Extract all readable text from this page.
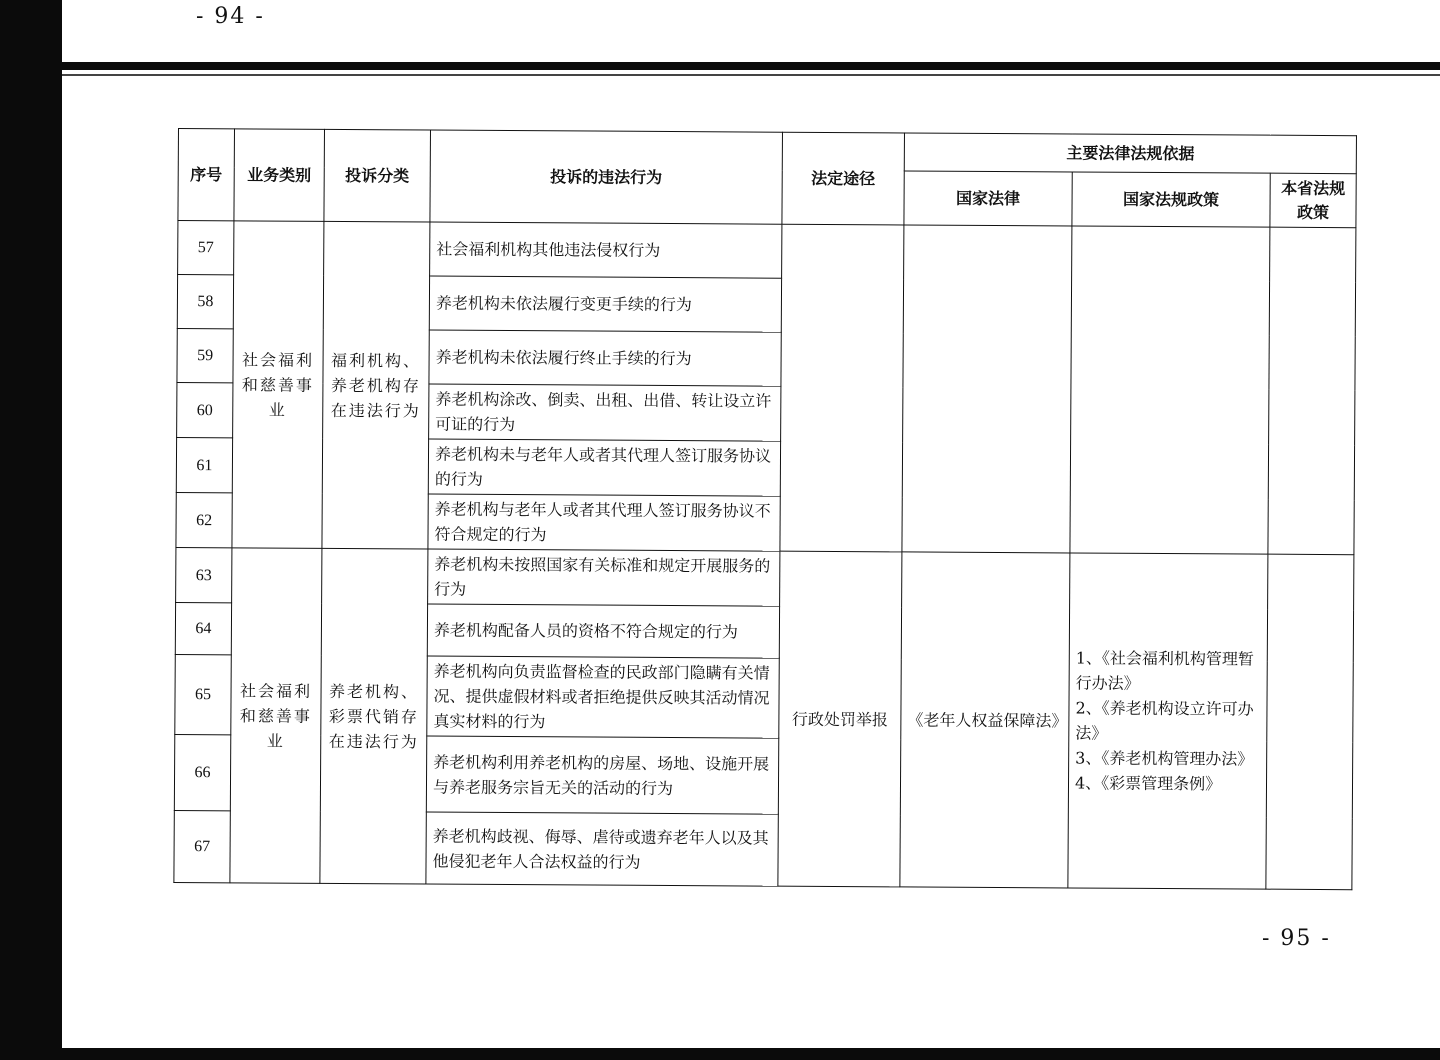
- 94 -
序号	业务类别	投诉分类	投诉的违法行为	法定途径	主要法律法规依据		
					国家法律	国家法规政策	本省法规政策
57	社会福利和慈善事业	福利机构、养老机构存在违法行为	社会福利机构其他违法侵权行为				
58			养老机构未依法履行变更手续的行为				
59			养老机构未依法履行终止手续的行为				
60			养老机构涂改、倒卖、出租、出借、转让设立许可证的行为				
61			养老机构未与老年人或者其代理人签订服务协议的行为				
62			养老机构与老年人或者其代理人签订服务协议不符合规定的行为				
63	社会福利和慈善事业	养老机构、彩票代销存在违法行为	养老机构未按照国家有关标准和规定开展服务的行为	行政处罚举报	《老年人权益保障法》	1、《社会福利机构管理暂行办法》
2、《养老机构设立许可办法》
3、《养老机构管理办法》
4、《彩票管理条例》	

64			养老机构配备人员的资格不符合规定的行为				
65			养老机构向负责监督检查的民政部门隐瞒有关情况、提供虚假材料或者拒绝提供反映其活动情况真实材料的行为				
66			养老机构利用养老机构的房屋、场地、设施开展与养老服务宗旨无关的活动的行为				
67			养老机构歧视、侮辱、虐待或遗弃老年人以及其他侵犯老年人合法权益的行为				
- 95 -
